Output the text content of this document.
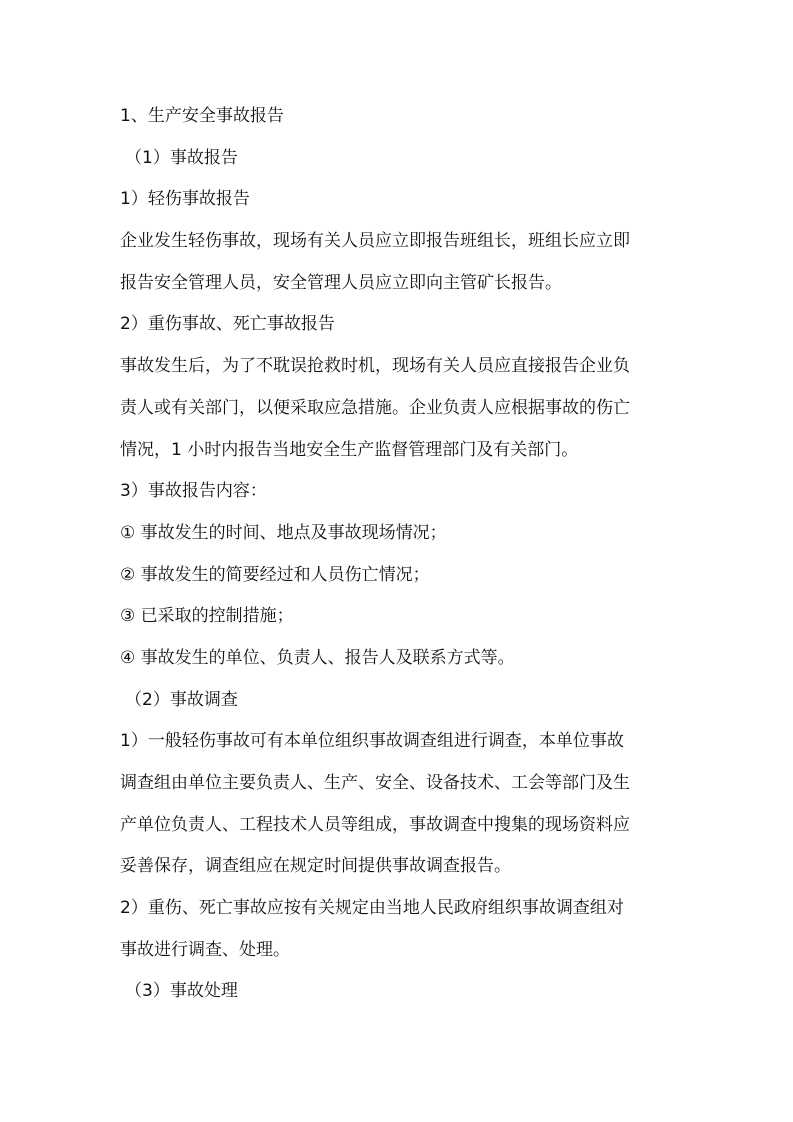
1、生产安全事故报告
（1）事故报告
1）轻伤事故报告
企业发生轻伤事故，现场有关人员应立即报告班组长，班组长应立即
报告安全管理人员，安全管理人员应立即向主管矿长报告。
2）重伤事故、死亡事故报告
事故发生后，为了不耽误抢救时机，现场有关人员应直接报告企业负
责人或有关部门，以便采取应急措施。企业负责人应根据事故的伤亡
情况，1 小时内报告当地安全生产监督管理部门及有关部门。
3）事故报告内容：
① 事故发生的时间、地点及事故现场情况；
② 事故发生的简要经过和人员伤亡情况；
③ 已采取的控制措施；
④ 事故发生的单位、负责人、报告人及联系方式等。
（2）事故调查
1）一般轻伤事故可有本单位组织事故调查组进行调查，本单位事故
调查组由单位主要负责人、生产、安全、设备技术、工会等部门及生
产单位负责人、工程技术人员等组成，事故调查中搜集的现场资料应
妥善保存，调查组应在规定时间提供事故调查报告。
2）重伤、死亡事故应按有关规定由当地人民政府组织事故调查组对
事故进行调查、处理。
（3）事故处理
